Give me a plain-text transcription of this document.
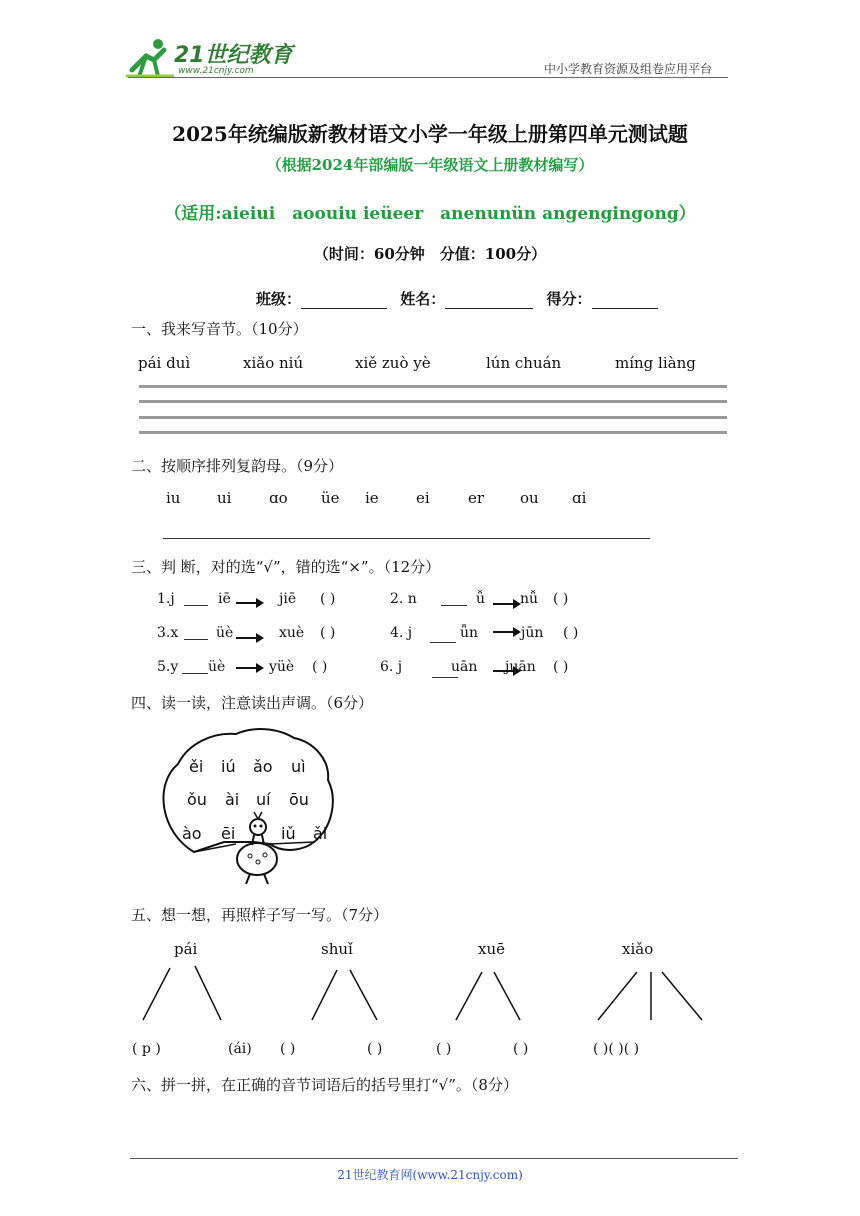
21世纪教育
www.21cnjy.com	中小学教育资源及组卷应用平台
2025年统编版新教材语文小学一年级上册第四单元测试题
（根据2024年部编版一年级语文上册教材编写）
（适用:aieiui　aoouiu ieüeer　anenunün angengingong）
（时间：60分钟　分值：100分）
班级：	姓名：	得分：
一、我来写音节。（10分）
pái duì	xiǎo niú	xiě zuò yè	lún chuán	míng liàng
二、按顺序排列复韵母。（9分）
iu ui	ɑo üe ie ei	er ou ɑi
三、判 断，对的选“√”，错的选“×”。（12分）
1.j	iē	jiē ( )	2. n	ǚ nǚ ( )
3.x	üè	xuè ( )	4. j	ǖn	jūn ( )
5.y üè	yüè ( )	6. j	uān juān ( )
四、读一读，注意读出声调。（6分）
ěi iú ǎo uì
ǒu ài uí ōu
ào ēi	iǔ ǎi
五、想一想，再照样子写一写。（7分）
pái	shuǐ	xuē	xiǎo
( p )	(ái) ( )	( )	( )	( )	( )( )( )
六、拼一拼，在正确的音节词语后的括号里打“√”。（8分）
21世纪教育网(www.21cnjy.com)
